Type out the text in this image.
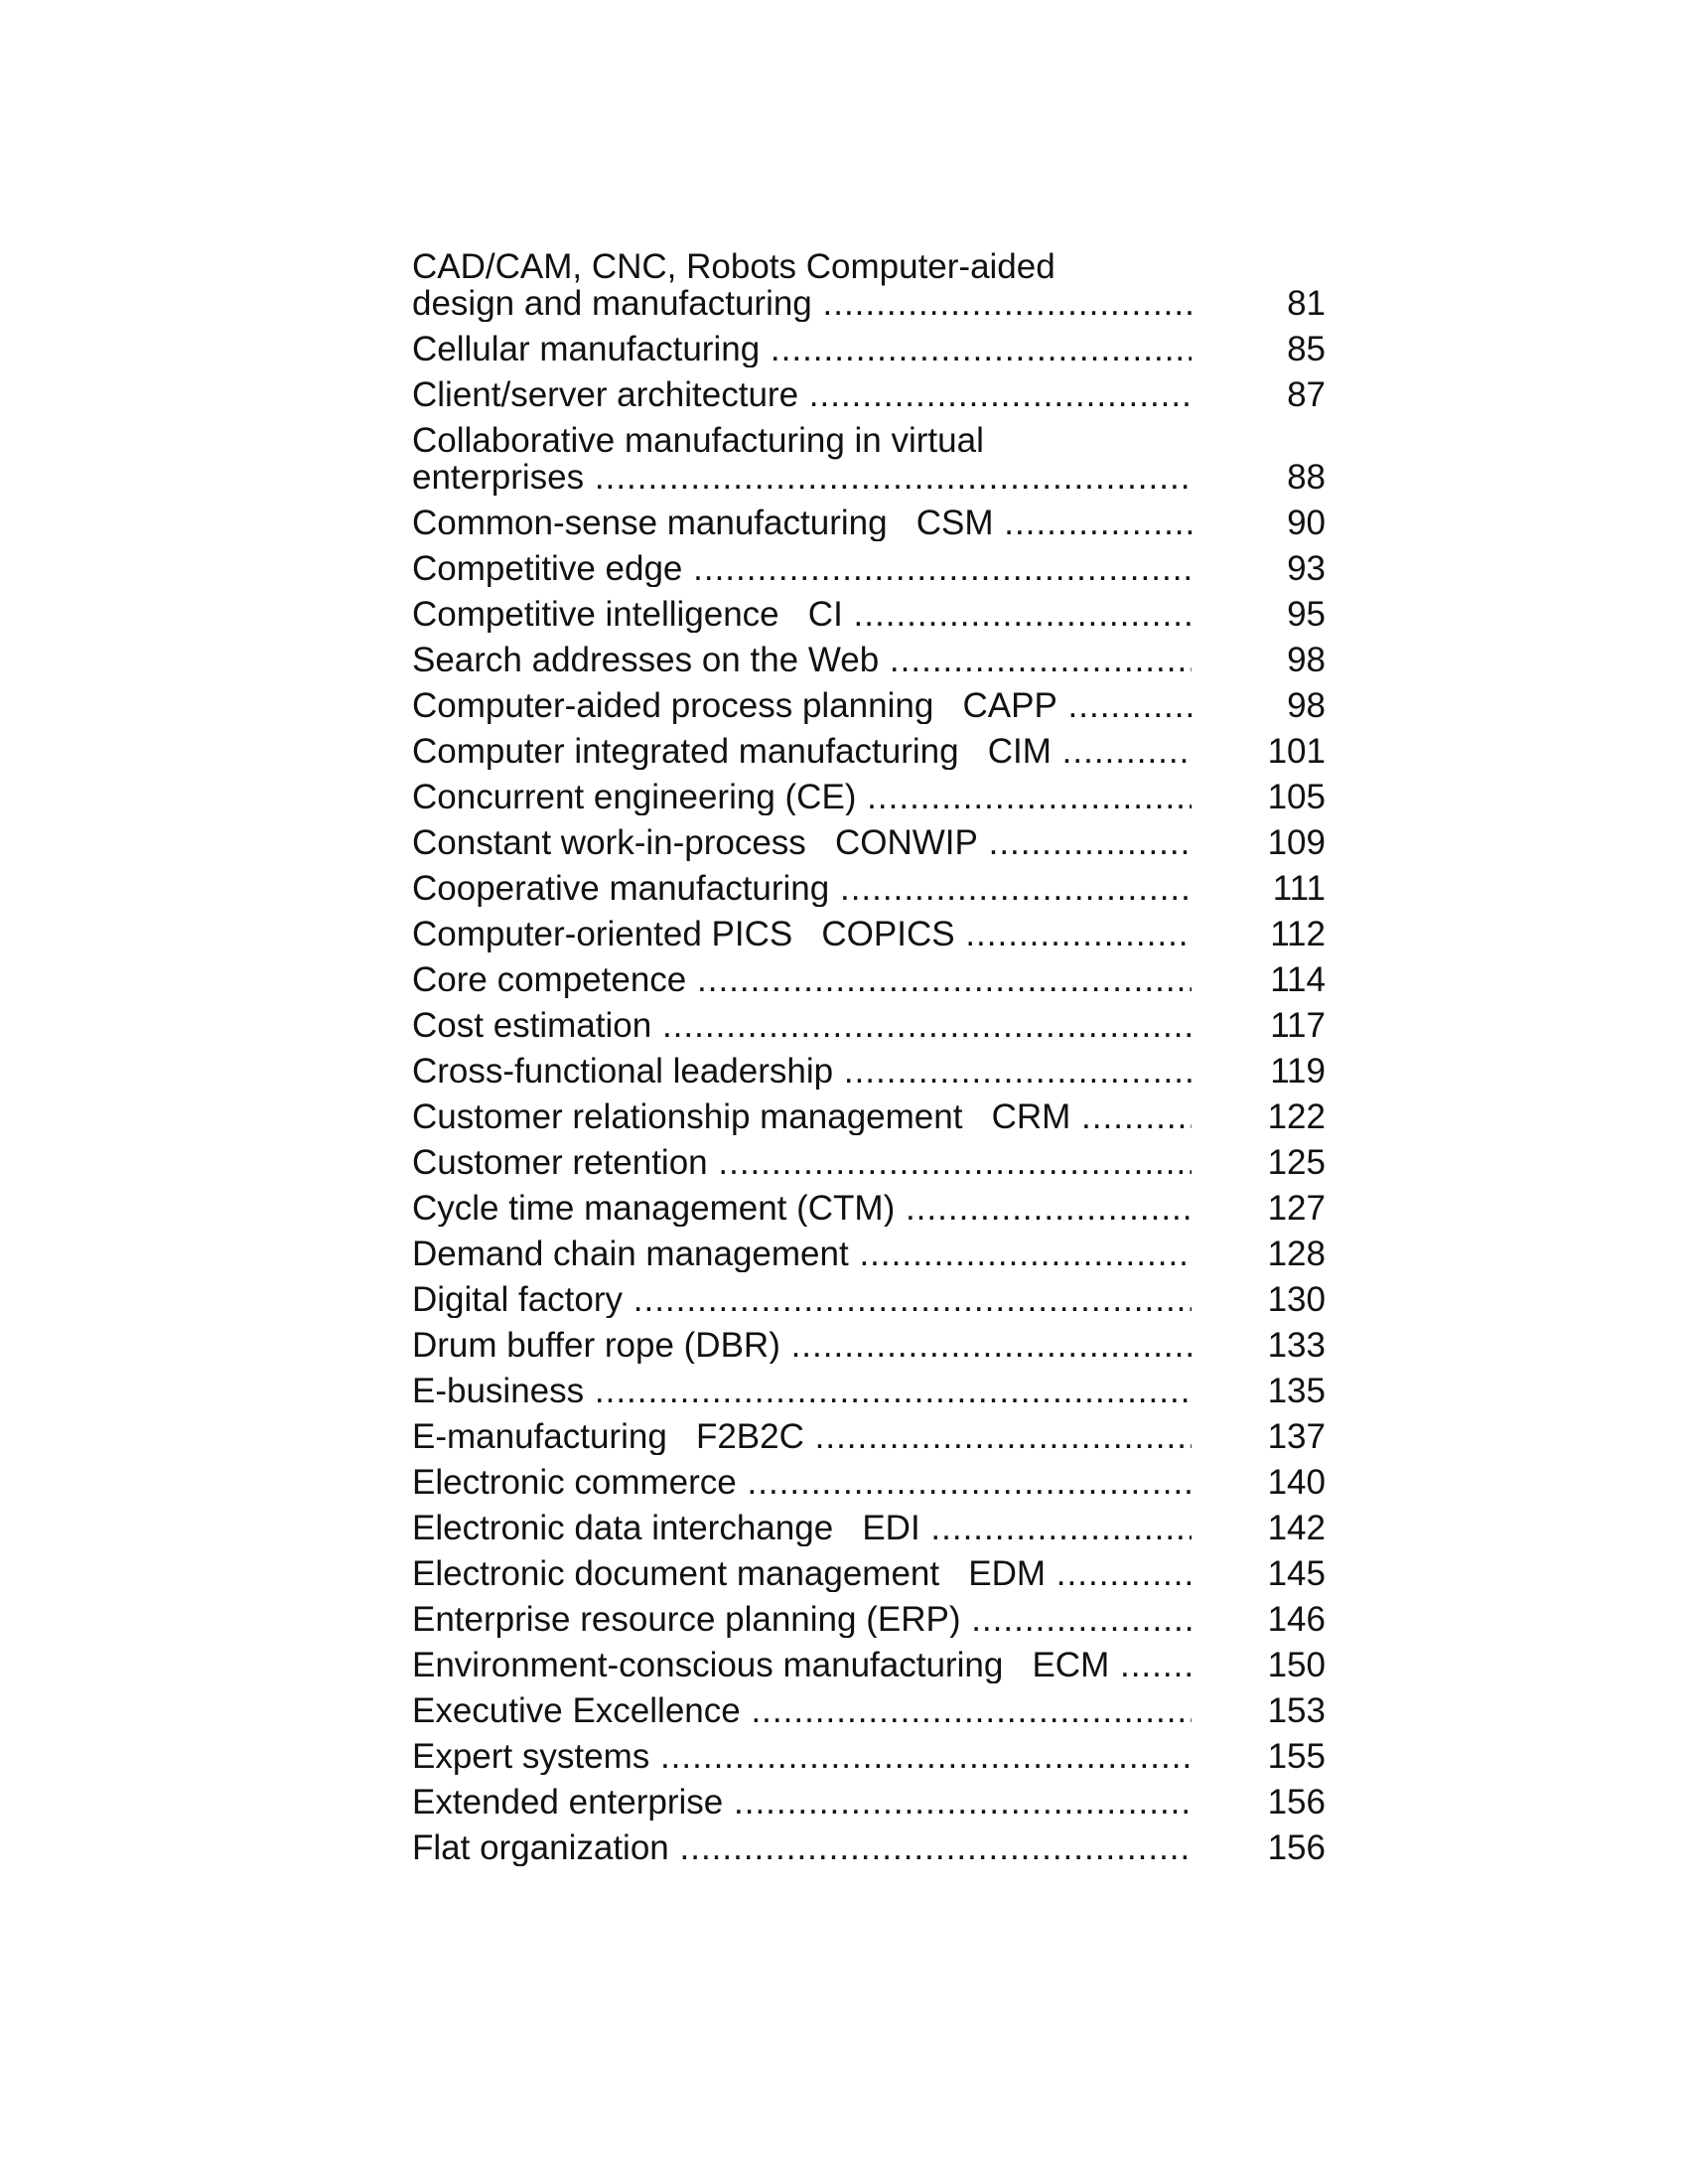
CAD/CAM, CNC, Robots Computer-aided
design and manufacturing .....	81
Cellular manufacturing .....	85
Client/server architecture .....	87
Collaborative manufacturing in virtual
enterprises .....	88
Common-sense manufacturing   CSM .....	90
Competitive edge .....	93
Competitive intelligence   CI .....	95
Search addresses on the Web .....	98
Computer-aided process planning   CAPP .....	98
Computer integrated manufacturing   CIM .....	101
Concurrent engineering (CE) .....	105
Constant work-in-process   CONWIP .....	109
Cooperative manufacturing .....	111
Computer-oriented PICS   COPICS .....	112
Core competence .....	114
Cost estimation .....	117
Cross-functional leadership .....	119
Customer relationship management   CRM .....	122
Customer retention .....	125
Cycle time management (CTM) .....	127
Demand chain management .....	128
Digital factory .....	130
Drum buffer rope (DBR) .....	133
E-business .....	135
E-manufacturing   F2B2C .....	137
Electronic commerce .....	140
Electronic data interchange   EDI .....	142
Electronic document management   EDM .....	145
Enterprise resource planning (ERP) .....	146
Environment-conscious manufacturing   ECM .....	150
Executive Excellence .....	153
Expert systems .....	155
Extended enterprise .....	156
Flat organization .....	156
